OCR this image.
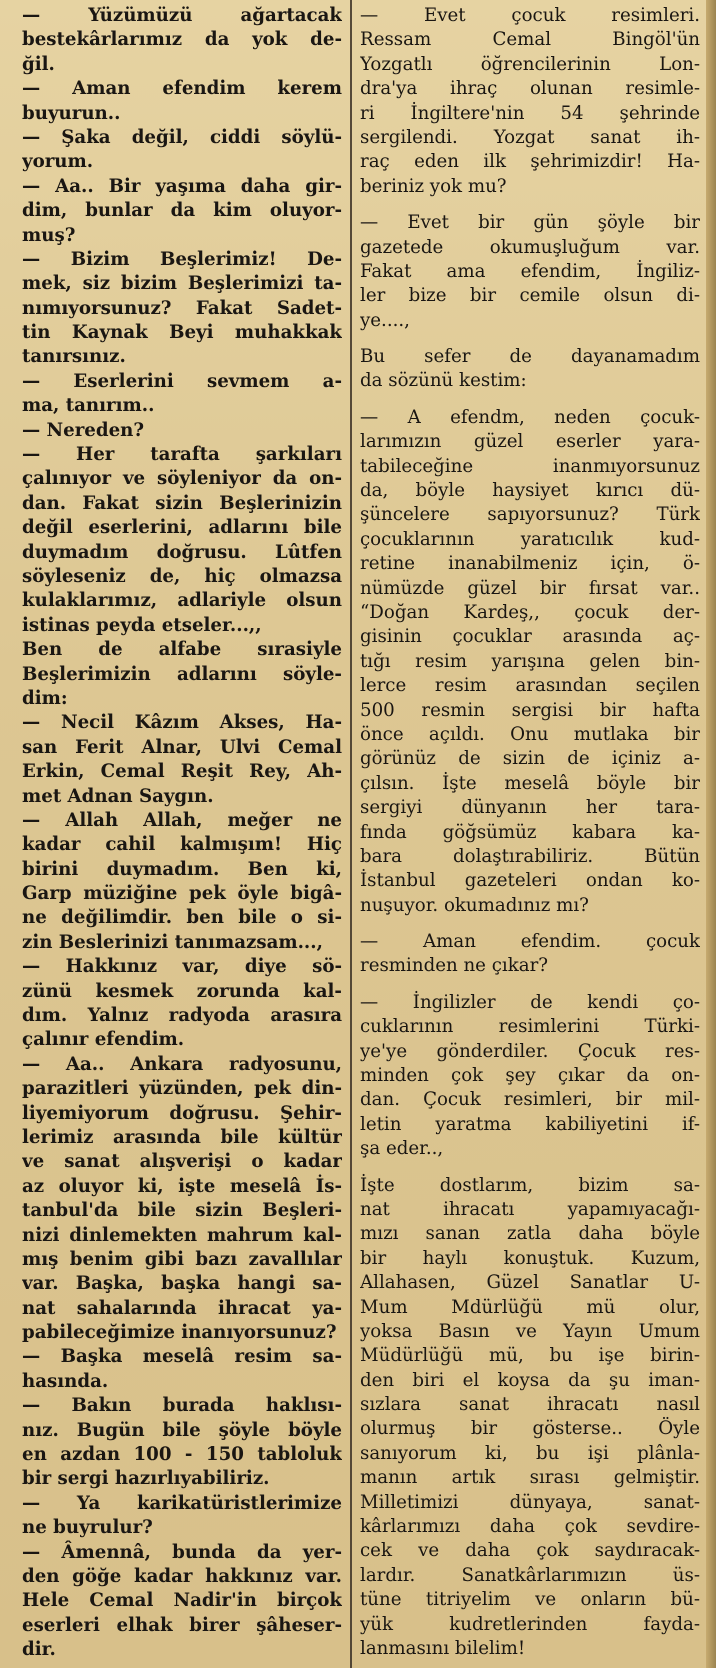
— Yüzümüzü ağartacak
bestekârlarımız da yok de-
ğil.
— Aman efendim kerem
buyurun..
— Şaka değil, ciddi söylü-
yorum.
— Aa.. Bir yaşıma daha gir-
dim, bunlar da kim oluyor-
muş?
— Bizim Beşlerimiz! De-
mek, siz bizim Beşlerimizi ta-
nımıyorsunuz? Fakat Sadet-
tin Kaynak Beyi muhakkak
tanırsınız.
— Eserlerini sevmem a-
ma, tanırım..
— Nereden?
— Her tarafta şarkıları
çalınıyor ve söyleniyor da on-
dan. Fakat sizin Beşlerinizin
değil eserlerini, adlarını bile
duymadım doğrusu. Lûtfen
söyleseniz de, hiç olmazsa
kulaklarımız, adlariyle olsun
istinas peyda etseler...,,
Ben de alfabe sırasiyle
Beşlerimizin adlarını söyle-
dim:
— Necil Kâzım Akses, Ha-
san Ferit Alnar, Ulvi Cemal
Erkin, Cemal Reşit Rey, Ah-
met Adnan Saygın.
— Allah Allah, meğer ne
kadar cahil kalmışım! Hiç
birini duymadım. Ben ki,
Garp müziğine pek öyle bigâ-
ne değilimdir. ben bile o si-
zin Beslerinizi tanımazsam...,
— Hakkınız var, diye sö-
zünü kesmek zorunda kal-
dım. Yalnız radyoda arasıra
çalınır efendim.
— Aa.. Ankara radyosunu,
parazitleri yüzünden, pek din-
liyemiyorum doğrusu. Şehir-
lerimiz arasında bile kültür
ve sanat alışverişi o kadar
az oluyor ki, işte meselâ İs-
tanbul'da bile sizin Beşleri-
nizi dinlemekten mahrum kal-
mış benim gibi bazı zavallılar
var. Başka, başka hangi sa-
nat sahalarında ihracat ya-
pabileceğimize inanıyorsunuz?
— Başka meselâ resim sa-
hasında.
— Bakın burada haklısı-
nız. Bugün bile şöyle böyle
en azdan 100 - 150 tabloluk
bir sergi hazırlıyabiliriz.
— Ya karikatüristlerimize
ne buyrulur?
— Âmennâ, bunda da yer-
den göğe kadar hakkınız var.
Hele Cemal Nadir'in birçok
eserleri elhak birer şâheser-
dir.
— Evet çocuk resimleri.
Ressam Cemal Bingöl'ün
Yozgatlı öğrencilerinin Lon-
dra'ya ihraç olunan resimle-
ri İngiltere'nin 54 şehrinde
sergilendi. Yozgat sanat ih-
raç eden ilk şehrimizdir! Ha-
beriniz yok mu?
— Evet bir gün şöyle bir
gazetede okumuşluğum var.
Fakat ama efendim, İngiliz-
ler bize bir cemile olsun di-
ye....,
Bu sefer de dayanamadım
da sözünü kestim:
— A efendm, neden çocuk-
larımızın güzel eserler yara-
tabileceğine inanmıyorsunuz
da, böyle haysiyet kırıcı dü-
şüncelere sapıyorsunuz? Türk
çocuklarının yaratıcılık kud-
retine inanabilmeniz için, ö-
nümüzde güzel bir fırsat var..
“Doğan Kardeş,, çocuk der-
gisinin çocuklar arasında aç-
tığı resim yarışına gelen bin-
lerce resim arasından seçilen
500 resmin sergisi bir hafta
önce açıldı. Onu mutlaka bir
görünüz de sizin de içiniz a-
çılsın. İşte meselâ böyle bir
sergiyi dünyanın her tara-
fında göğsümüz kabara ka-
bara dolaştırabiliriz. Bütün
İstanbul gazeteleri ondan ko-
nuşuyor. okumadınız mı?
— Aman efendim. çocuk
resminden ne çıkar?
— İngilizler de kendi ço-
cuklarının resimlerini Türki-
ye'ye gönderdiler. Çocuk res-
minden çok şey çıkar da on-
dan. Çocuk resimleri, bir mil-
letin yaratma kabiliyetini if-
şa eder..,
İşte dostlarım, bizim sa-
nat ihracatı yapamıyacağı-
mızı sanan zatla daha böyle
bir haylı konuştuk. Kuzum,
Allahasen, Güzel Sanatlar U-
Mum Mdürlüğü mü olur,
yoksa Basın ve Yayın Umum
Müdürlüğü mü, bu işe birin-
den biri el koysa da şu iman-
sızlara sanat ihracatı nasıl
olurmuş bir gösterse.. Öyle
sanıyorum ki, bu işi plânla-
manın artık sırası gelmiştir.
Milletimizi dünyaya, sanat-
kârlarımızı daha çok sevdire-
cek ve daha çok saydıracak-
lardır. Sanatkârlarımızın üs-
tüne titriyelim ve onların bü-
yük kudretlerinden fayda-
lanmasını bilelim!
